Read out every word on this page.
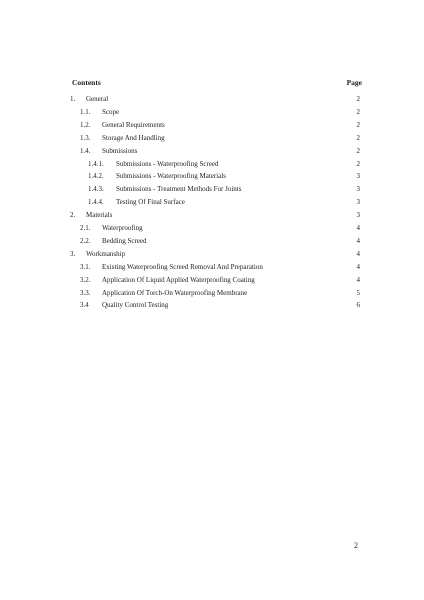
Contents	Page
1. General	2
1.1. Scope	2
1.2. General Requirements	2
1.3. Storage And Handling	2
1.4. Submissions	2
1.4.1. Submissions - Waterproofing Screed	2
1.4.2. Submissions - Waterproofing Materials	3
1.4.3. Submissions - Treatment Methods For Joints	3
1.4.4. Testing Of Final Surface	3
2. Materials	3
2.1. Waterproofing	4
2.2. Bedding Screed	4
3. Workmanship	4
3.1. Existing Waterproofing Screed Removal And Preparation	4
3.2. Application Of Liquid Applied Waterproofing Coating	4
3.3. Application Of Torch-On Waterproofing Membrane	5
3.4 Quality Control Testing	6
2
